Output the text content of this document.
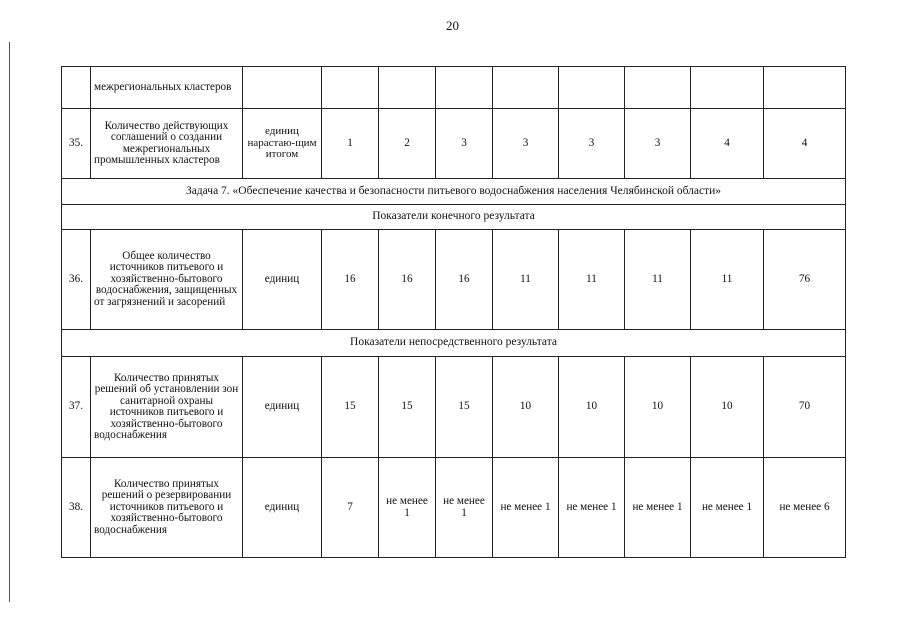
20
	межрегиональных кластеров									
35.	Количество действующих соглашений о создании межрегиональных промышленных кластеров	единиц нарастаю-щим итогом	1	2	3	3	3	3	4	4
Задача 7. «Обеспечение качества и безопасности питьевого водоснабжения населения Челябинской области»										
Показатели конечного результата										
36.	Общее количество источников питьевого и хозяйственно-бытового водоснабжения, защищенных от загрязнений и засорений	единиц	16	16	16	11	11	11	11	76
Показатели непосредственного результата										
37.	Количество принятых решений об установлении зон санитарной охраны источников питьевого и хозяйственно-бытового водоснабжения	единиц	15	15	15	10	10	10	10	70
38.	Количество принятых решений о резервировании источников питьевого и хозяйственно-бытового водоснабжения	единиц	7	не менее 1	не менее 1	не менее 1	не менее 1	не менее 1	не менее 1	не менее 6
